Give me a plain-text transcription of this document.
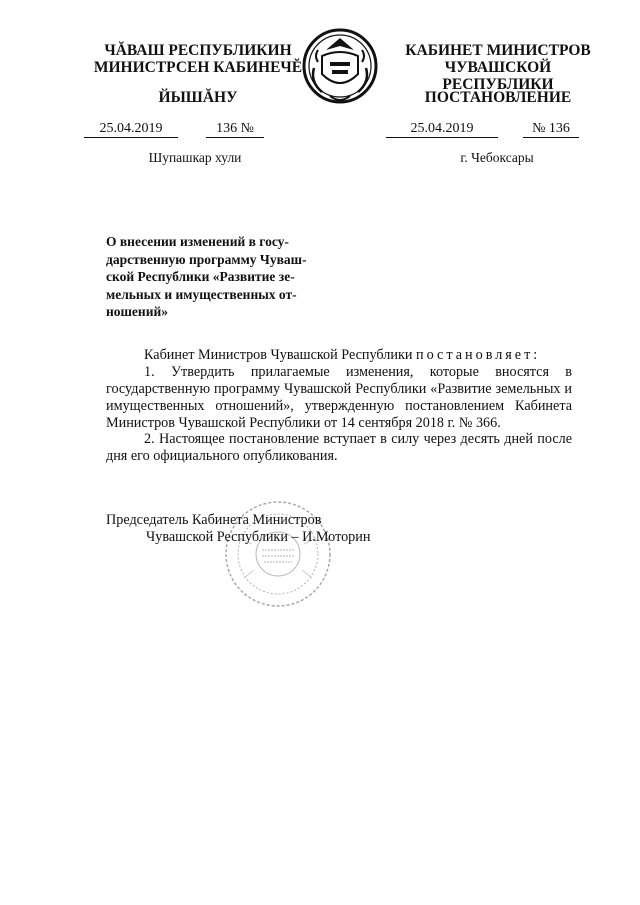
ЧĂВАШ РЕСПУБЛИКИН
МИНИСТРСЕН КАБИНЕЧĔ
КАБИНЕТ МИНИСТРОВ
ЧУВАШСКОЙ РЕСПУБЛИКИ
ЙЫШĂНУ	ПОСТАНОВЛЕНИЕ
25.04.2019	136 №	25.04.2019	№ 136
Шупашкар хули	г. Чебоксары
О внесении изменений в госу-
дарственную программу Чуваш-
ской Республики «Развитие зе-
мельных и имущественных от-
ношений»
Кабинет Министров Чувашской Республики постановляет:
1. Утвердить прилагаемые изменения, которые вносятся в государственную программу Чувашской Республики «Развитие земельных и имущественных отношений», утвержденную постановлением Кабинета Министров Чувашской Республики от 14 сентября 2018 г. № 366.
2. Настоящее постановление вступает в силу через десять дней после дня его официального опубликования.
Председатель Кабинета Министров
Чувашской Республики – И.Моторин
